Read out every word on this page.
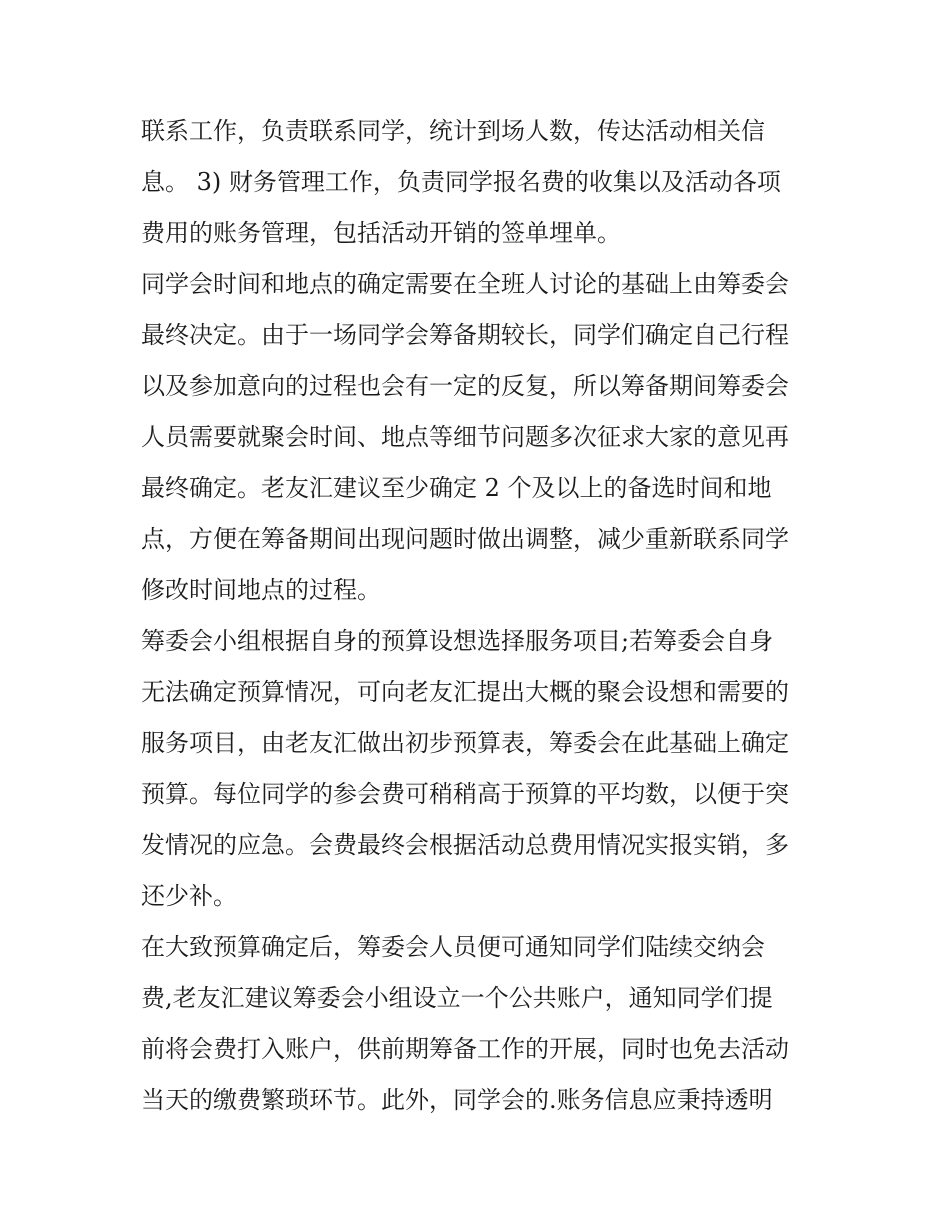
联系工作，负责联系同学，统计到场人数，传达活动相关信
息。 3) 财务管理工作，负责同学报名费的收集以及活动各项
费用的账务管理，包括活动开销的签单埋单。
同学会时间和地点的确定需要在全班人讨论的基础上由筹委会
最终决定。由于一场同学会筹备期较长，同学们确定自己行程
以及参加意向的过程也会有一定的反复，所以筹备期间筹委会
人员需要就聚会时间、地点等细节问题多次征求大家的意见再
最终确定。老友汇建议至少确定 2 个及以上的备选时间和地
点，方便在筹备期间出现问题时做出调整，减少重新联系同学
修改时间地点的过程。
筹委会小组根据自身的预算设想选择服务项目;若筹委会自身
无法确定预算情况，可向老友汇提出大概的聚会设想和需要的
服务项目，由老友汇做出初步预算表，筹委会在此基础上确定
预算。每位同学的参会费可稍稍高于预算的平均数，以便于突
发情况的应急。会费最终会根据活动总费用情况实报实销，多
还少补。
在大致预算确定后，筹委会人员便可通知同学们陆续交纳会
费,老友汇建议筹委会小组设立一个公共账户，通知同学们提
前将会费打入账户，供前期筹备工作的开展，同时也免去活动
当天的缴费繁琐环节。此外，同学会的.账务信息应秉持透明
